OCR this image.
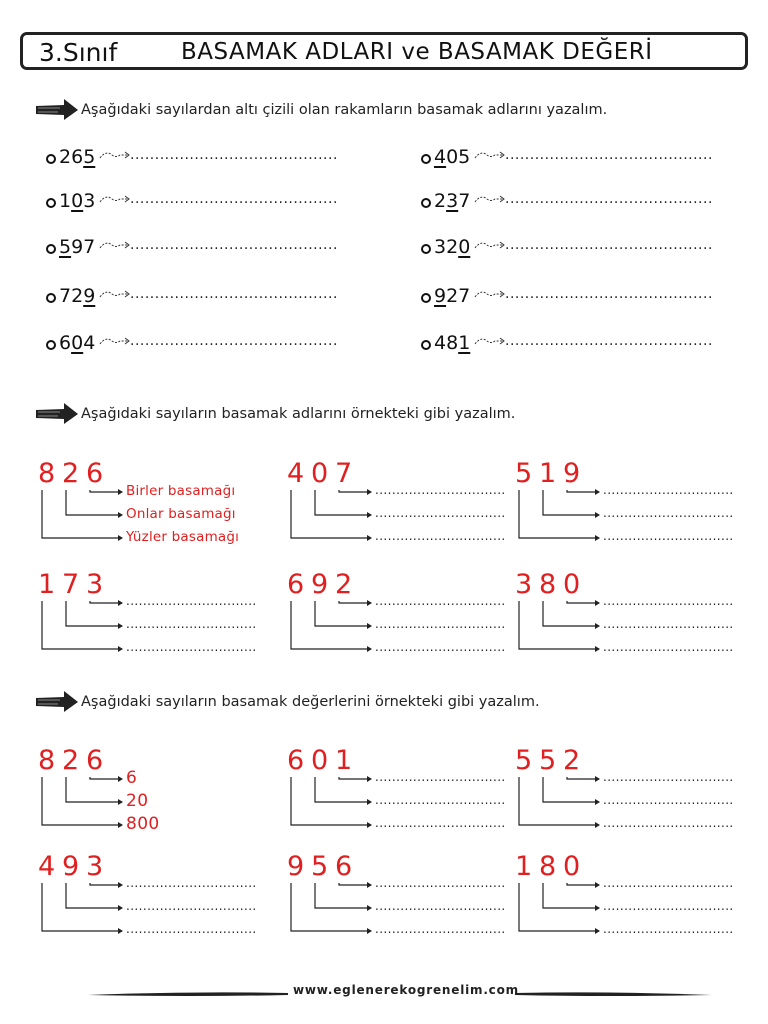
3.Sınıf	BASAMAK ADLARI ve BASAMAK DEĞERİ
Aşağıdaki sayılardan altı çizili olan rakamların basamak adlarını yazalım.
265 ..........................................	405 ..........................................
103 ..........................................	237 ..........................................
597 ..........................................	320 ..........................................
729 ..........................................	927 ..........................................
604 ..........................................	481 ..........................................
Aşağıdaki sayıların basamak adlarını örnekteki gibi yazalım.
Aşağıdaki sayıların basamak değerlerini örnekteki gibi yazalım.
8 2 6
Birler basamağı
Onlar basamağı
Yüzler basamağı
4 0 7
...............................
...............................
...............................
5 1 9
...............................
...............................
...............................
1 7 3
...............................
...............................
...............................
6 9 2
...............................
...............................
...............................
3 8 0
...............................
...............................
...............................
8 2 6
6
20
800
6 0 1
...............................
...............................
...............................
5 5 2
...............................
...............................
...............................
4 9 3
...............................
...............................
...............................
9 5 6
...............................
...............................
...............................
1 8 0
...............................
...............................
...............................
www.eglenerekogrenelim.com
